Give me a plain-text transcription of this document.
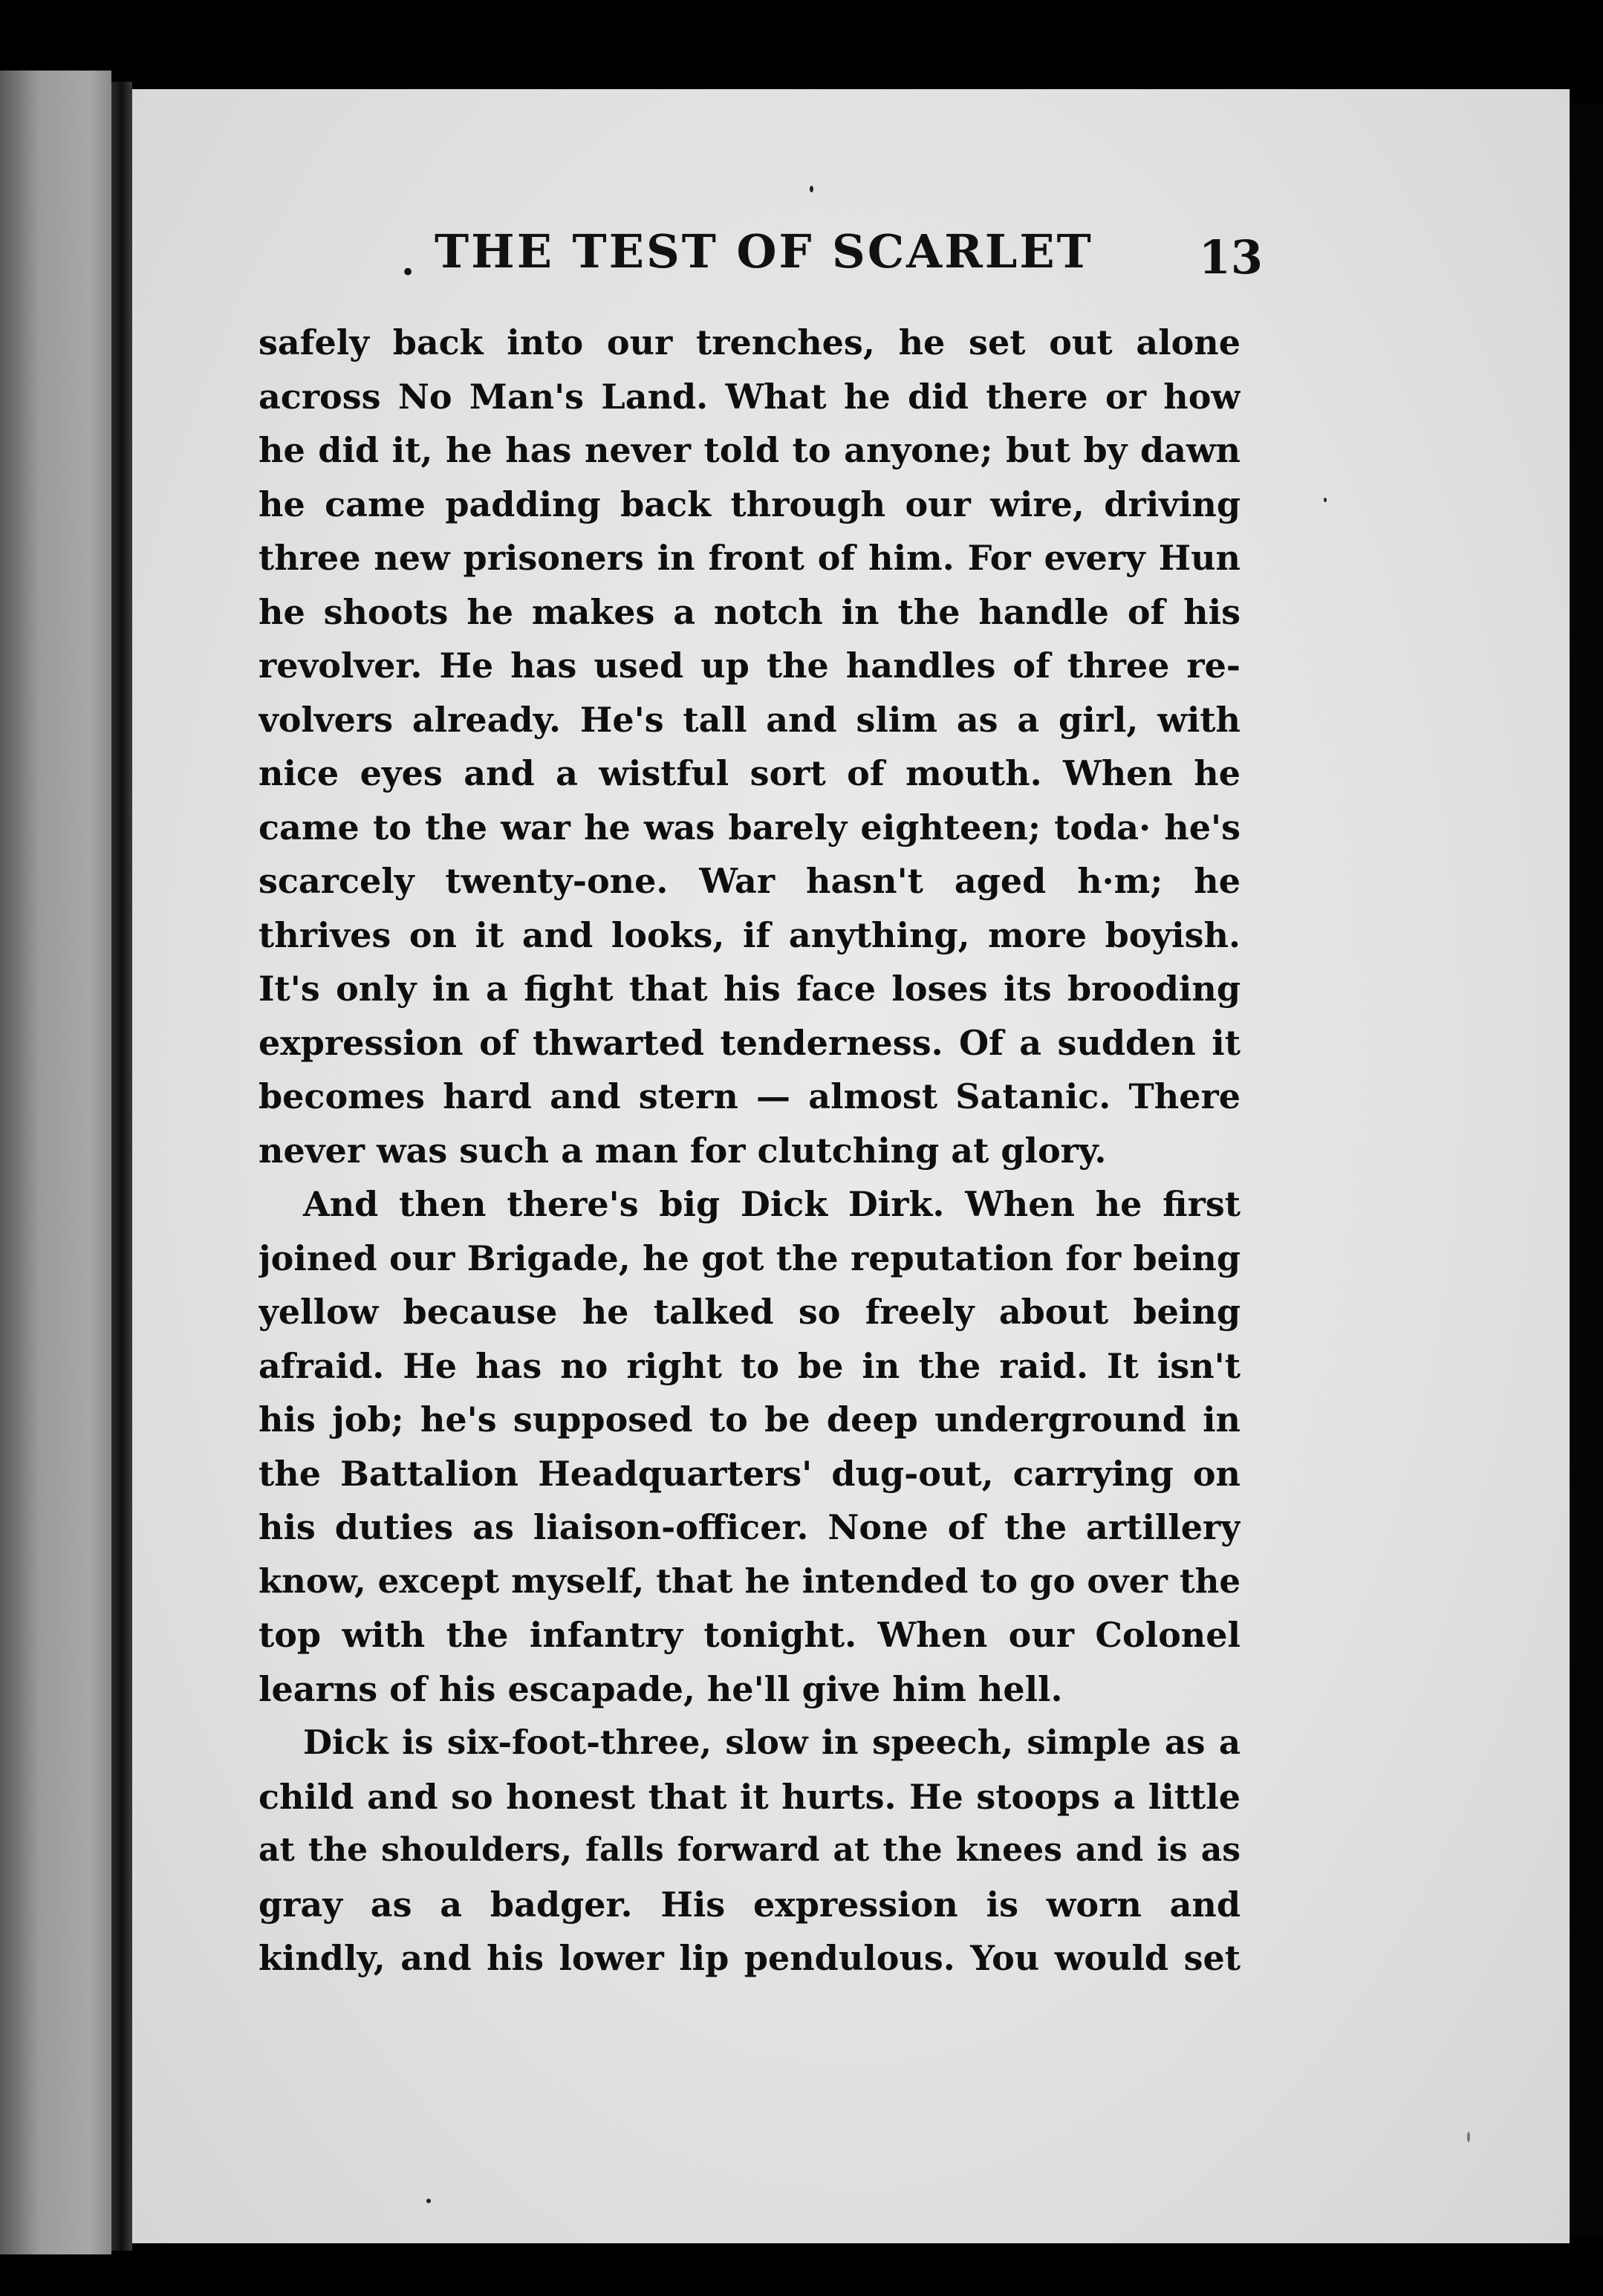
. THE TEST OF SCARLET 13
safely back into our trenches, he set out alone
across No Man's Land. What he did there or how
he did it, he has never told to anyone; but by dawn
he came padding back through our wire, driving
three new prisoners in front of him. For every Hun
he shoots he makes a notch in the handle of his
revolver. He has used up the handles of three re-
volvers already. He's tall and slim as a girl, with
nice eyes and a wistful sort of mouth. When he
came to the war he was barely eighteen; toda· he's
scarcely twenty-one. War hasn't aged h·m; he
thrives on it and looks, if anything, more boyish.
It's only in a fight that his face loses its brooding
expression of thwarted tenderness. Of a sudden it
becomes hard and stern — almost Satanic. There
never was such a man for clutching at glory.
And then there's big Dick Dirk. When he first
joined our Brigade, he got the reputation for being
yellow because he talked so freely about being
afraid. He has no right to be in the raid. It isn't
his job; he's supposed to be deep underground in
the Battalion Headquarters' dug-out, carrying on
his duties as liaison-officer. None of the artillery
know, except myself, that he intended to go over the
top with the infantry tonight. When our Colonel
learns of his escapade, he'll give him hell.
Dick is six-foot-three, slow in speech, simple as a
child and so honest that it hurts. He stoops a little
at the shoulders, falls forward at the knees and is as
gray as a badger. His expression is worn and
kindly, and his lower lip pendulous. You would set
